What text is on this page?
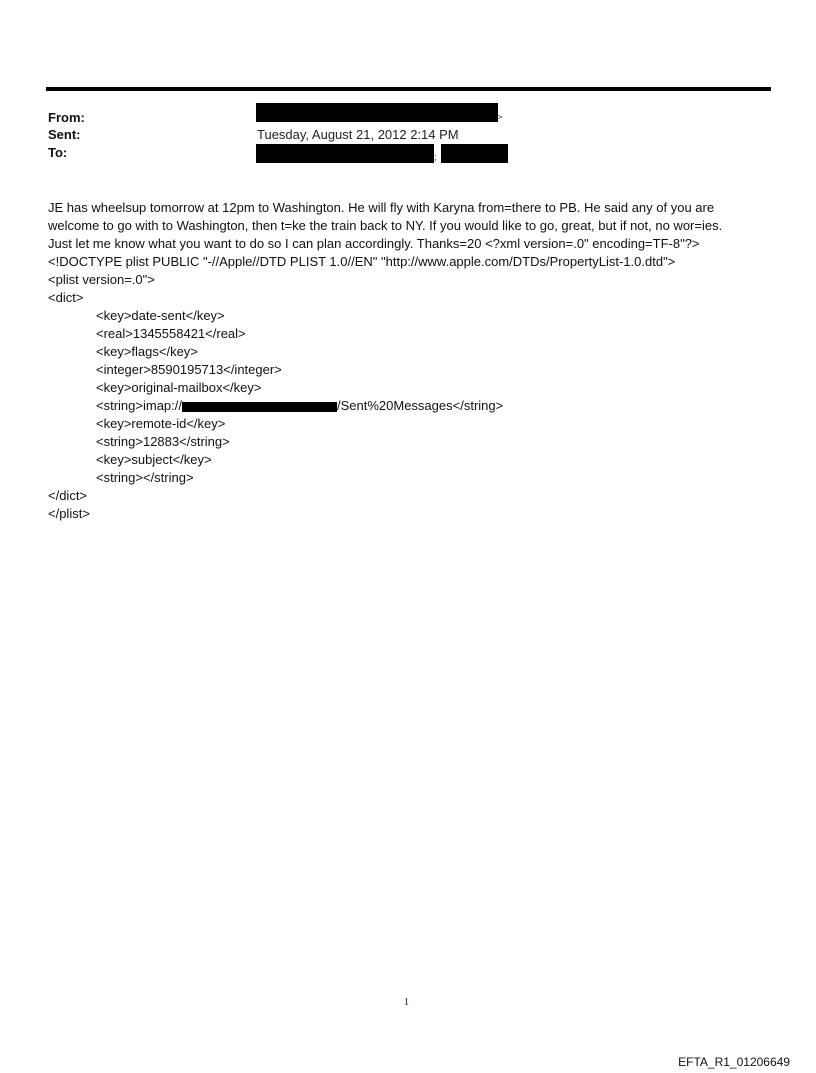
From:
Sent:
To:
>
Tuesday, August 21, 2012 2:14 PM
;
JE has wheelsup tomorrow at 12pm to Washington. He will fly with Karyna from=there to PB. He said any of you are
welcome to go with to Washington, then t=ke the train back to NY. If you would like to go, great, but if not, no wor=ies.
Just let me know what you want to do so I can plan accordingly. Thanks=20 <?xml version=.0" encoding=TF-8"?>
<!DOCTYPE plist PUBLIC "-//Apple//DTD PLIST 1.0//EN" "http://www.apple.com/DTDs/PropertyList-1.0.dtd">
<plist version=.0">
<dict>
<key>date-sent</key>
<real>1345558421</real>
<key>flags</key>
<integer>8590195713</integer>
<key>original-mailbox</key>
<string>imap://	/Sent%20Messages</string>
<key>remote-id</key>
<string>12883</string>
<key>subject</key>
<string></string>
</dict>
</plist>
1
EFTA_R1_01206649
